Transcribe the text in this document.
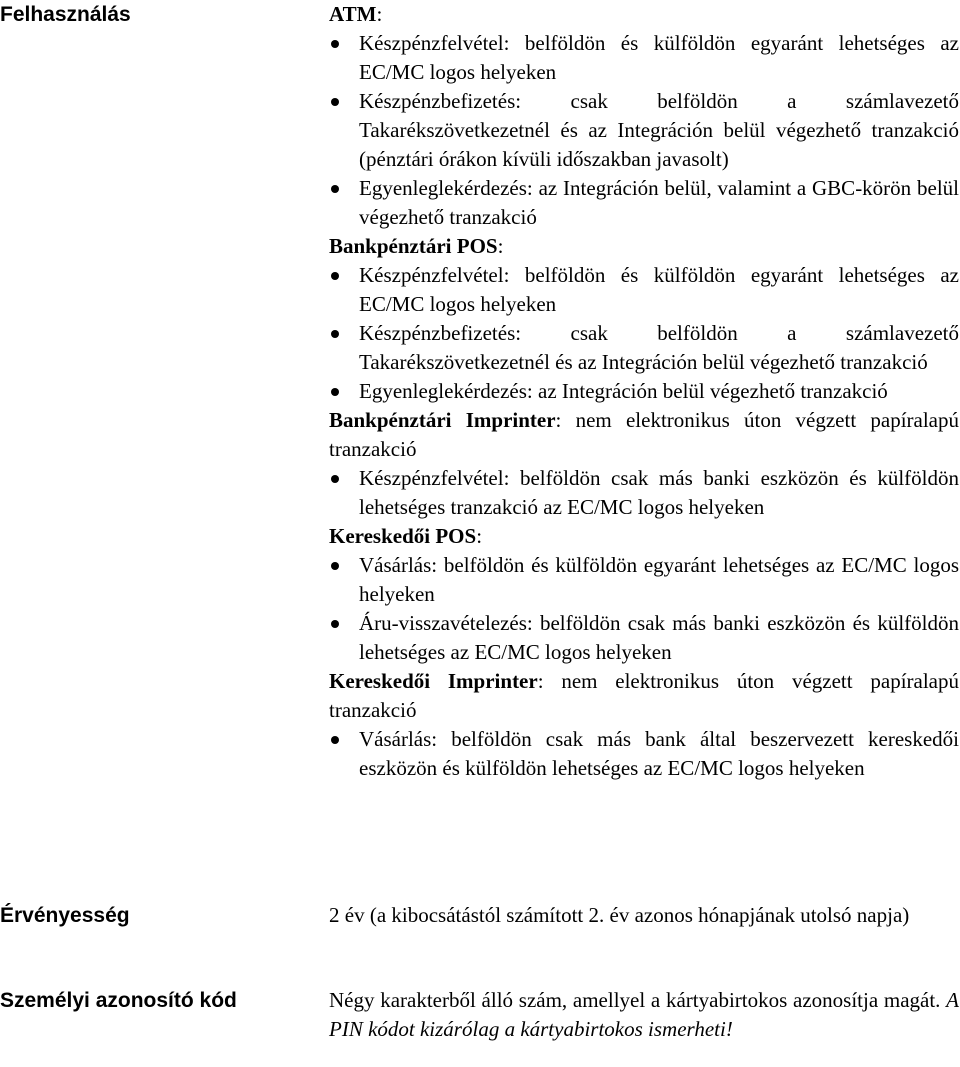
Felhasználás	ATM:
Készpénzfelvétel: belföldön és külföldön egyaránt lehetséges az EC/MC logos helyeken
Készpénzbefizetés: csak belföldön a számlavezető Takarékszövetkezetnél és az Integráción belül végezhető tranzakció (pénztári órákon kívüli időszakban javasolt)
Egyenleglekérdezés: az Integráción belül, valamint a GBC-körön belül végezhető tranzakció
Bankpénztári POS:
Készpénzfelvétel: belföldön és külföldön egyaránt lehetséges az EC/MC logos helyeken
Készpénzbefizetés: csak belföldön a számlavezető Takarékszövetkezetnél és az Integráción belül végezhető tranzakció
Egyenleglekérdezés: az Integráción belül végezhető tranzakció
Bankpénztári Imprinter: nem elektronikus úton végzett papíralapú tranzakció
Készpénzfelvétel: belföldön csak más banki eszközön és külföldön lehetséges tranzakció az EC/MC logos helyeken
Kereskedői POS:
Vásárlás: belföldön és külföldön egyaránt lehetséges az EC/MC logos helyeken
Áru-visszavételezés: belföldön csak más banki eszközön és külföldön lehetséges az EC/MC logos helyeken
Kereskedői Imprinter: nem elektronikus úton végzett papíralapú tranzakció
Vásárlás: belföldön csak más bank által beszervezett kereskedői eszközön és külföldön lehetséges az EC/MC logos helyeken
Érvényesség	2 év (a kibocsátástól számított 2. év azonos hónapjának utolsó napja)
Személyi azonosító kód	Négy karakterből álló szám, amellyel a kártyabirtokos azonosítja magát. A PIN kódot kizárólag a kártyabirtokos ismerheti!
